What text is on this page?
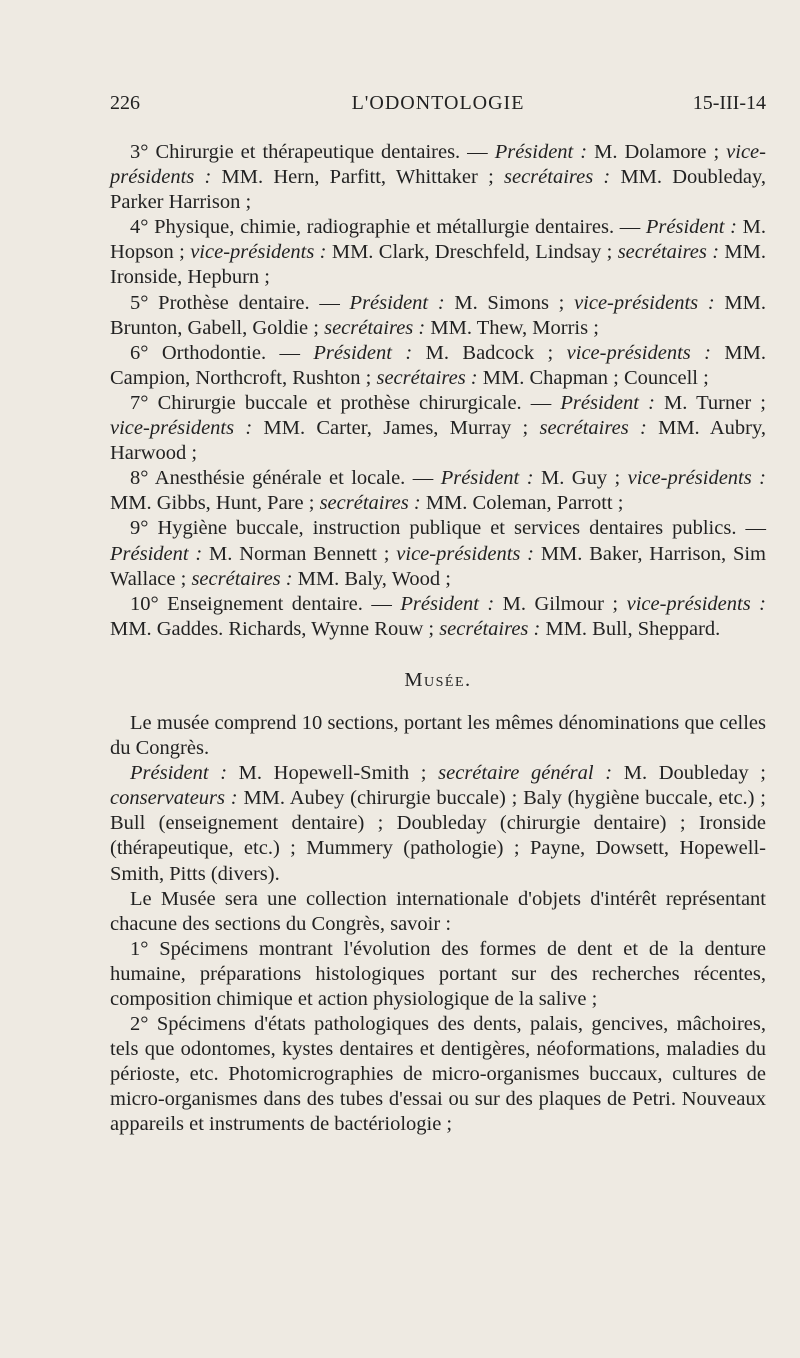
226	L'ODONTOLOGIE	15-III-14

3° Chirurgie et thérapeutique dentaires. — Président : M. Dolamore ; vice-présidents : MM. Hern, Parfitt, Whittaker ; secrétaires : MM. Doubleday, Parker Harrison ;

4° Physique, chimie, radiographie et métallurgie dentaires. — Président : M. Hopson ; vice-présidents : MM. Clark, Dreschfeld, Lindsay ; secrétaires : MM. Ironside, Hepburn ;

5° Prothèse dentaire. — Président : M. Simons ; vice-présidents : MM. Brunton, Gabell, Goldie ; secrétaires : MM. Thew, Morris ;

6° Orthodontie. — Président : M. Badcock ; vice-présidents : MM. Campion, Northcroft, Rushton ; secrétaires : MM. Chapman ; Councell ;

7° Chirurgie buccale et prothèse chirurgicale. — Président : M. Turner ; vice-présidents : MM. Carter, James, Murray ; secrétaires : MM. Aubry, Harwood ;

8° Anesthésie générale et locale. — Président : M. Guy ; vice-présidents : MM. Gibbs, Hunt, Pare ; secrétaires : MM. Coleman, Parrott ;

9° Hygiène buccale, instruction publique et services dentaires publics. — Président : M. Norman Bennett ; vice-présidents : MM. Baker, Harrison, Sim Wallace ; secrétaires : MM. Baly, Wood ;

10° Enseignement dentaire. — Président : M. Gilmour ; vice-présidents : MM. Gaddes. Richards, Wynne Rouw ; secrétaires : MM. Bull, Sheppard.

Musée.

Le musée comprend 10 sections, portant les mêmes dénominations que celles du Congrès.

Président : M. Hopewell-Smith ; secrétaire général : M. Doubleday ; conservateurs : MM. Aubey (chirurgie buccale) ; Baly (hygiène buccale, etc.) ; Bull (enseignement dentaire) ; Doubleday (chirurgie dentaire) ; Ironside (thérapeutique, etc.) ; Mummery (pathologie) ; Payne, Dowsett, Hopewell-Smith, Pitts (divers).

Le Musée sera une collection internationale d'objets d'intérêt représentant chacune des sections du Congrès, savoir :

1° Spécimens montrant l'évolution des formes de dent et de la denture humaine, préparations histologiques portant sur des recherches récentes, composition chimique et action physiologique de la salive ;

2° Spécimens d'états pathologiques des dents, palais, gencives, mâchoires, tels que odontomes, kystes dentaires et dentigères, néoformations, maladies du périoste, etc. Photomicrographies de micro-organismes buccaux, cultures de micro-organismes dans des tubes d'essai ou sur des plaques de Petri. Nouveaux appareils et instruments de bactériologie ;
